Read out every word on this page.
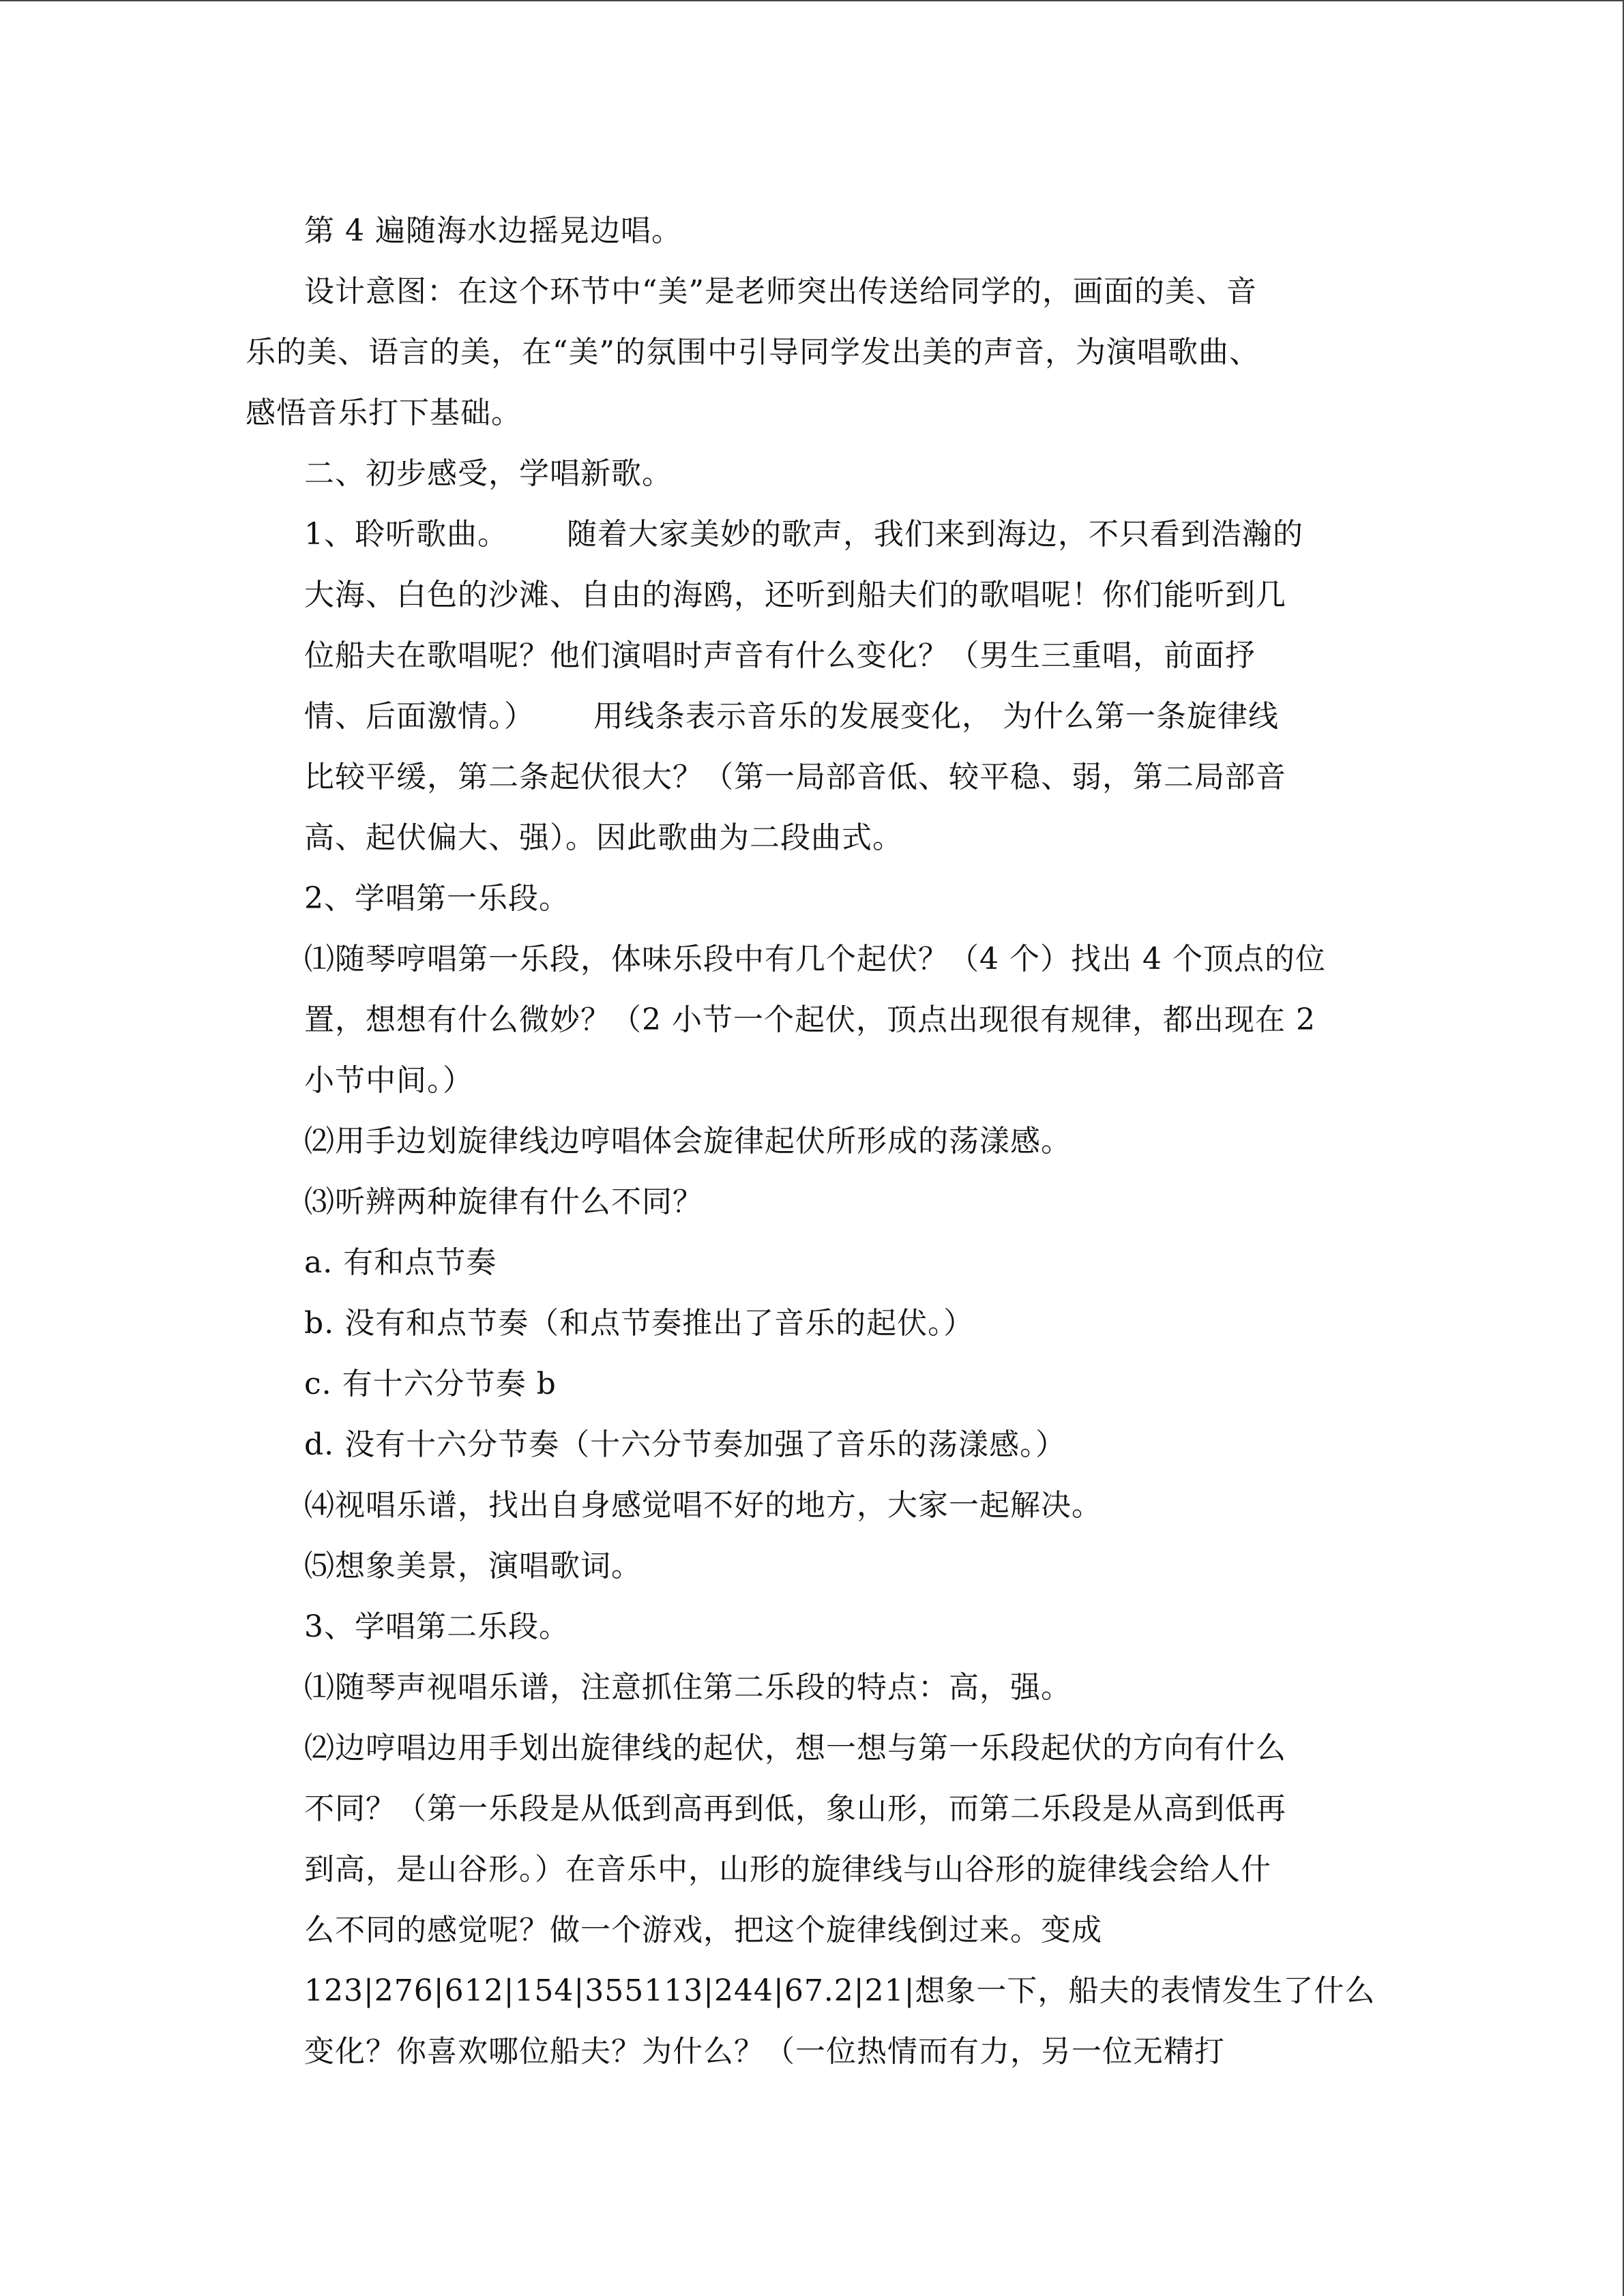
第 4 遍随海水边摇晃边唱。
设计意图：在这个环节中“美”是老师突出传送给同学的，画面的美、音
乐的美、语言的美，在“美”的氛围中引导同学发出美的声音，为演唱歌曲、
感悟音乐打下基础。
二、初步感受，学唱新歌。
1、聆听歌曲。 随着大家美妙的歌声，我们来到海边，不只看到浩瀚的
大海、白色的沙滩、自由的海鸥，还听到船夫们的歌唱呢！你们能听到几
位船夫在歌唱呢？他们演唱时声音有什么变化？（男生三重唱，前面抒
情、后面激情。） 用线条表示音乐的发展变化， 为什么第一条旋律线
比较平缓，第二条起伏很大？（第一局部音低、较平稳、弱，第二局部音
高、起伏偏大、强）。因此歌曲为二段曲式。
2、学唱第一乐段。
⑴随琴哼唱第一乐段，体味乐段中有几个起伏？（4 个）找出 4 个顶点的位
置，想想有什么微妙？（2 小节一个起伏，顶点出现很有规律，都出现在 2
小节中间。）
⑵用手边划旋律线边哼唱体会旋律起伏所形成的荡漾感。
⑶听辨两种旋律有什么不同？
a. 有和点节奏
b. 没有和点节奏（和点节奏推出了音乐的起伏。）
c. 有十六分节奏 b
d. 没有十六分节奏（十六分节奏加强了音乐的荡漾感。）
⑷视唱乐谱，找出自身感觉唱不好的地方，大家一起解决。
⑸想象美景，演唱歌词。
3、学唱第二乐段。
⑴随琴声视唱乐谱，注意抓住第二乐段的特点：高，强。
⑵边哼唱边用手划出旋律线的起伏，想一想与第一乐段起伏的方向有什么
不同？（第一乐段是从低到高再到低，象山形，而第二乐段是从高到低再
到高，是山谷形。）在音乐中，山形的旋律线与山谷形的旋律线会给人什
么不同的感觉呢？做一个游戏，把这个旋律线倒过来。变成
123|276|612|154|355113|244|67.2|21|想象一下，船夫的表情发生了什么
变化？你喜欢哪位船夫？为什么？（一位热情而有力，另一位无精打
